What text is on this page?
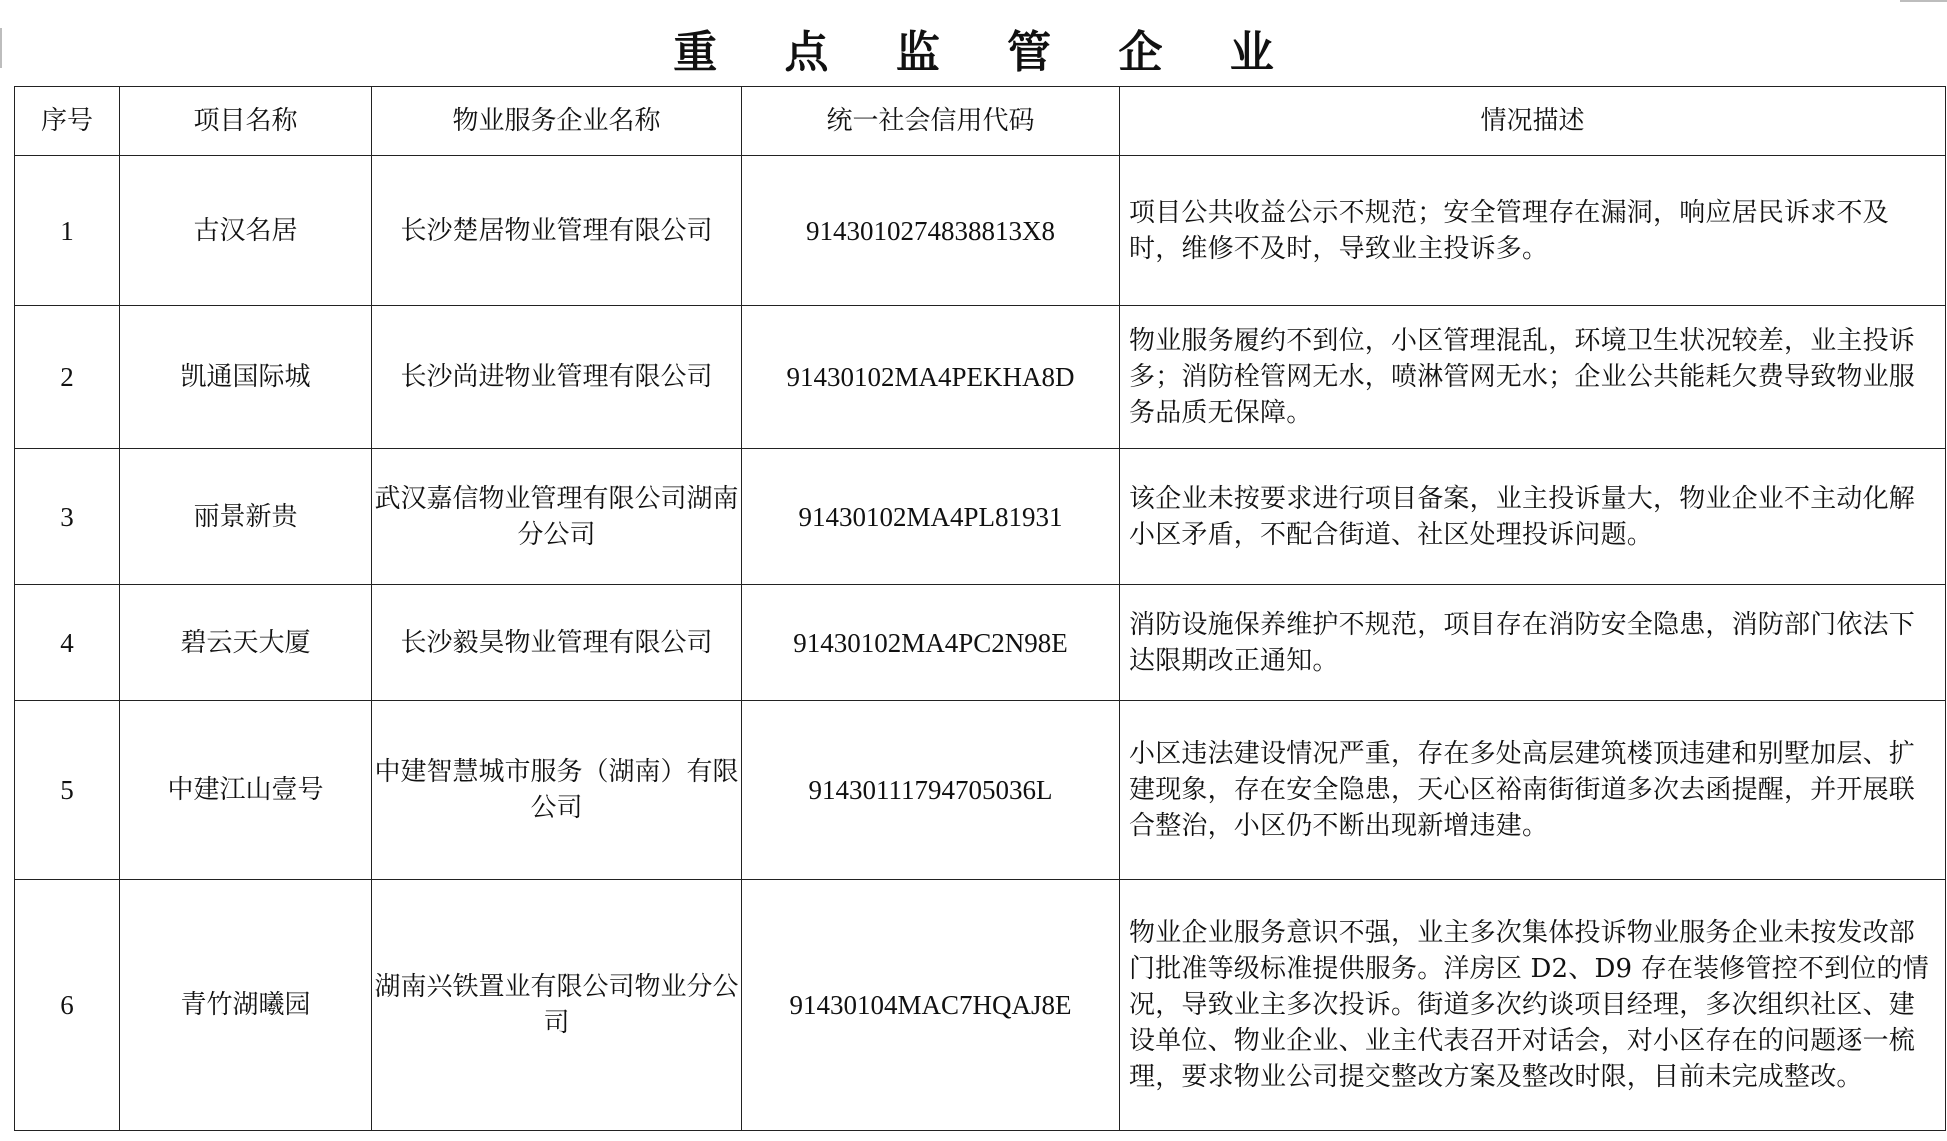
重 点 监 管 企 业
序号	项目名称	物业服务企业名称	统一社会信用代码	情况描述
1	古汉名居	长沙楚居物业管理有限公司	9143010274838813X8	项目公共收益公示不规范；安全管理存在漏洞，响应居民诉求不及时，维修不及时，导致业主投诉多。
2	凯通国际城	长沙尚进物业管理有限公司	91430102MA4PEKHA8D	物业服务履约不到位，小区管理混乱，环境卫生状况较差，业主投诉多；消防栓管网无水，喷淋管网无水；企业公共能耗欠费导致物业服务品质无保障。
3	丽景新贵	武汉嘉信物业管理有限公司湖南分公司	91430102MA4PL81931	该企业未按要求进行项目备案，业主投诉量大，物业企业不主动化解小区矛盾，不配合街道、社区处理投诉问题。
4	碧云天大厦	长沙毅昊物业管理有限公司	91430102MA4PC2N98E	消防设施保养维护不规范，项目存在消防安全隐患，消防部门依法下达限期改正通知。
5	中建江山壹号	中建智慧城市服务（湖南）有限公司	91430111794705036L	小区违法建设情况严重，存在多处高层建筑楼顶违建和别墅加层、扩建现象，存在安全隐患，天心区裕南街街道多次去函提醒，并开展联合整治，小区仍不断出现新增违建。
6	青竹湖曦园	湖南兴铁置业有限公司物业分公司	91430104MAC7HQAJ8E	物业企业服务意识不强，业主多次集体投诉物业服务企业未按发改部门批准等级标准提供服务。洋房区 D2、D9 存在装修管控不到位的情况，导致业主多次投诉。街道多次约谈项目经理，多次组织社区、建设单位、物业企业、业主代表召开对话会，对小区存在的问题逐一梳理，要求物业公司提交整改方案及整改时限，目前未完成整改。
